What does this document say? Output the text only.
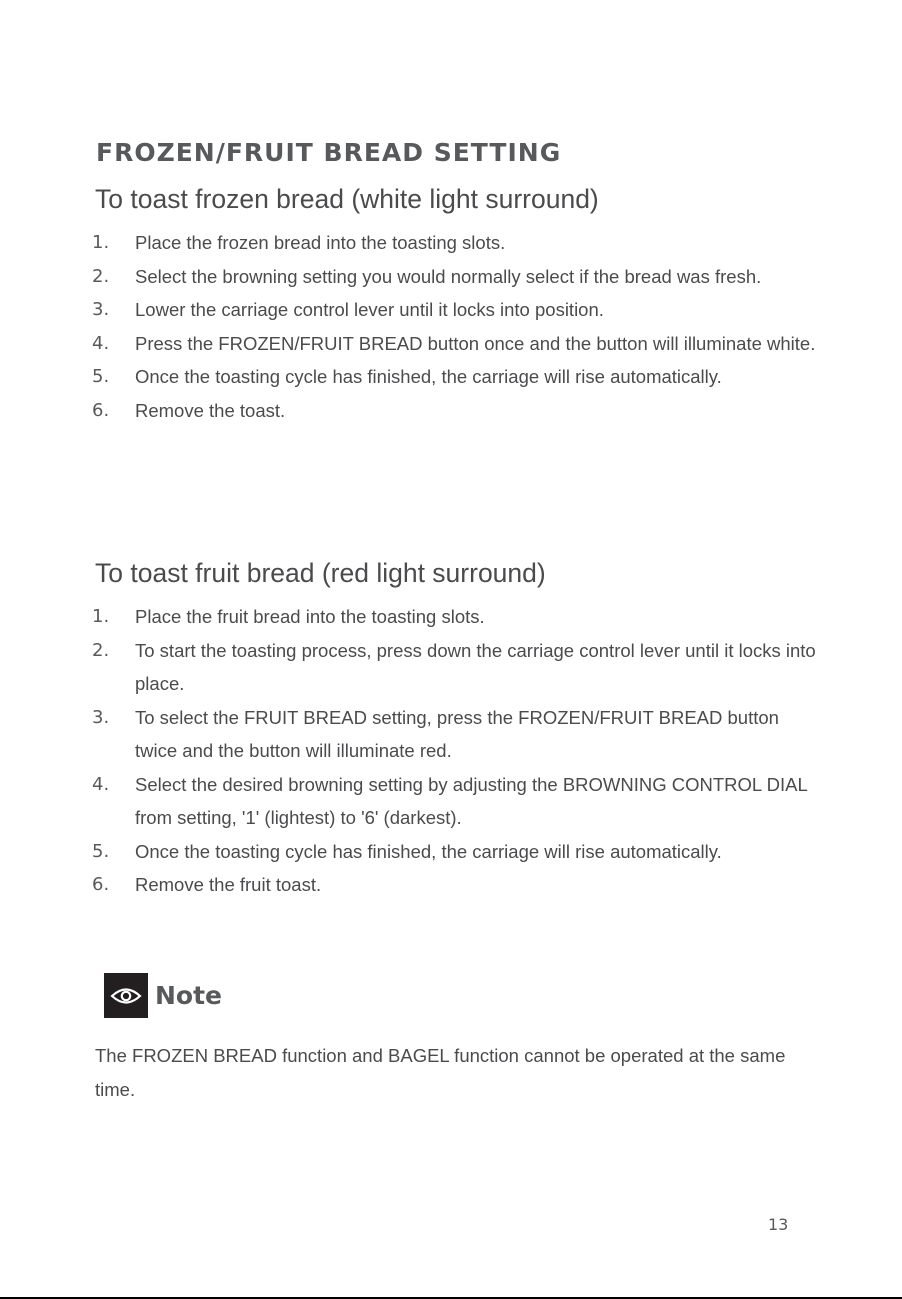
FROZEN/FRUIT BREAD SETTING
To toast frozen bread (white light surround)
1.	Place the frozen bread into the toasting slots.
2.	Select the browning setting you would normally select if the bread was fresh.
3.	Lower the carriage control lever until it locks into position.
4.	Press the FROZEN/FRUIT BREAD button once and the button will illuminate white.
5.	Once the toasting cycle has finished, the carriage will rise automatically.
6.	Remove the toast.
To toast fruit bread (red light surround)
1.	Place the fruit bread into the toasting slots.
2.	To start the toasting process, press down the carriage control lever until it locks into place.
3.	To select the FRUIT BREAD setting, press the FROZEN/FRUIT BREAD button twice and the button will illuminate red.
4.	Select the desired browning setting by adjusting the BROWNING CONTROL DIAL from setting, '1' (lightest) to '6' (darkest).
5.	Once the toasting cycle has finished, the carriage will rise automatically.
6.	Remove the fruit toast.
Note

The FROZEN BREAD function and BAGEL function cannot be operated at the same time.

13
